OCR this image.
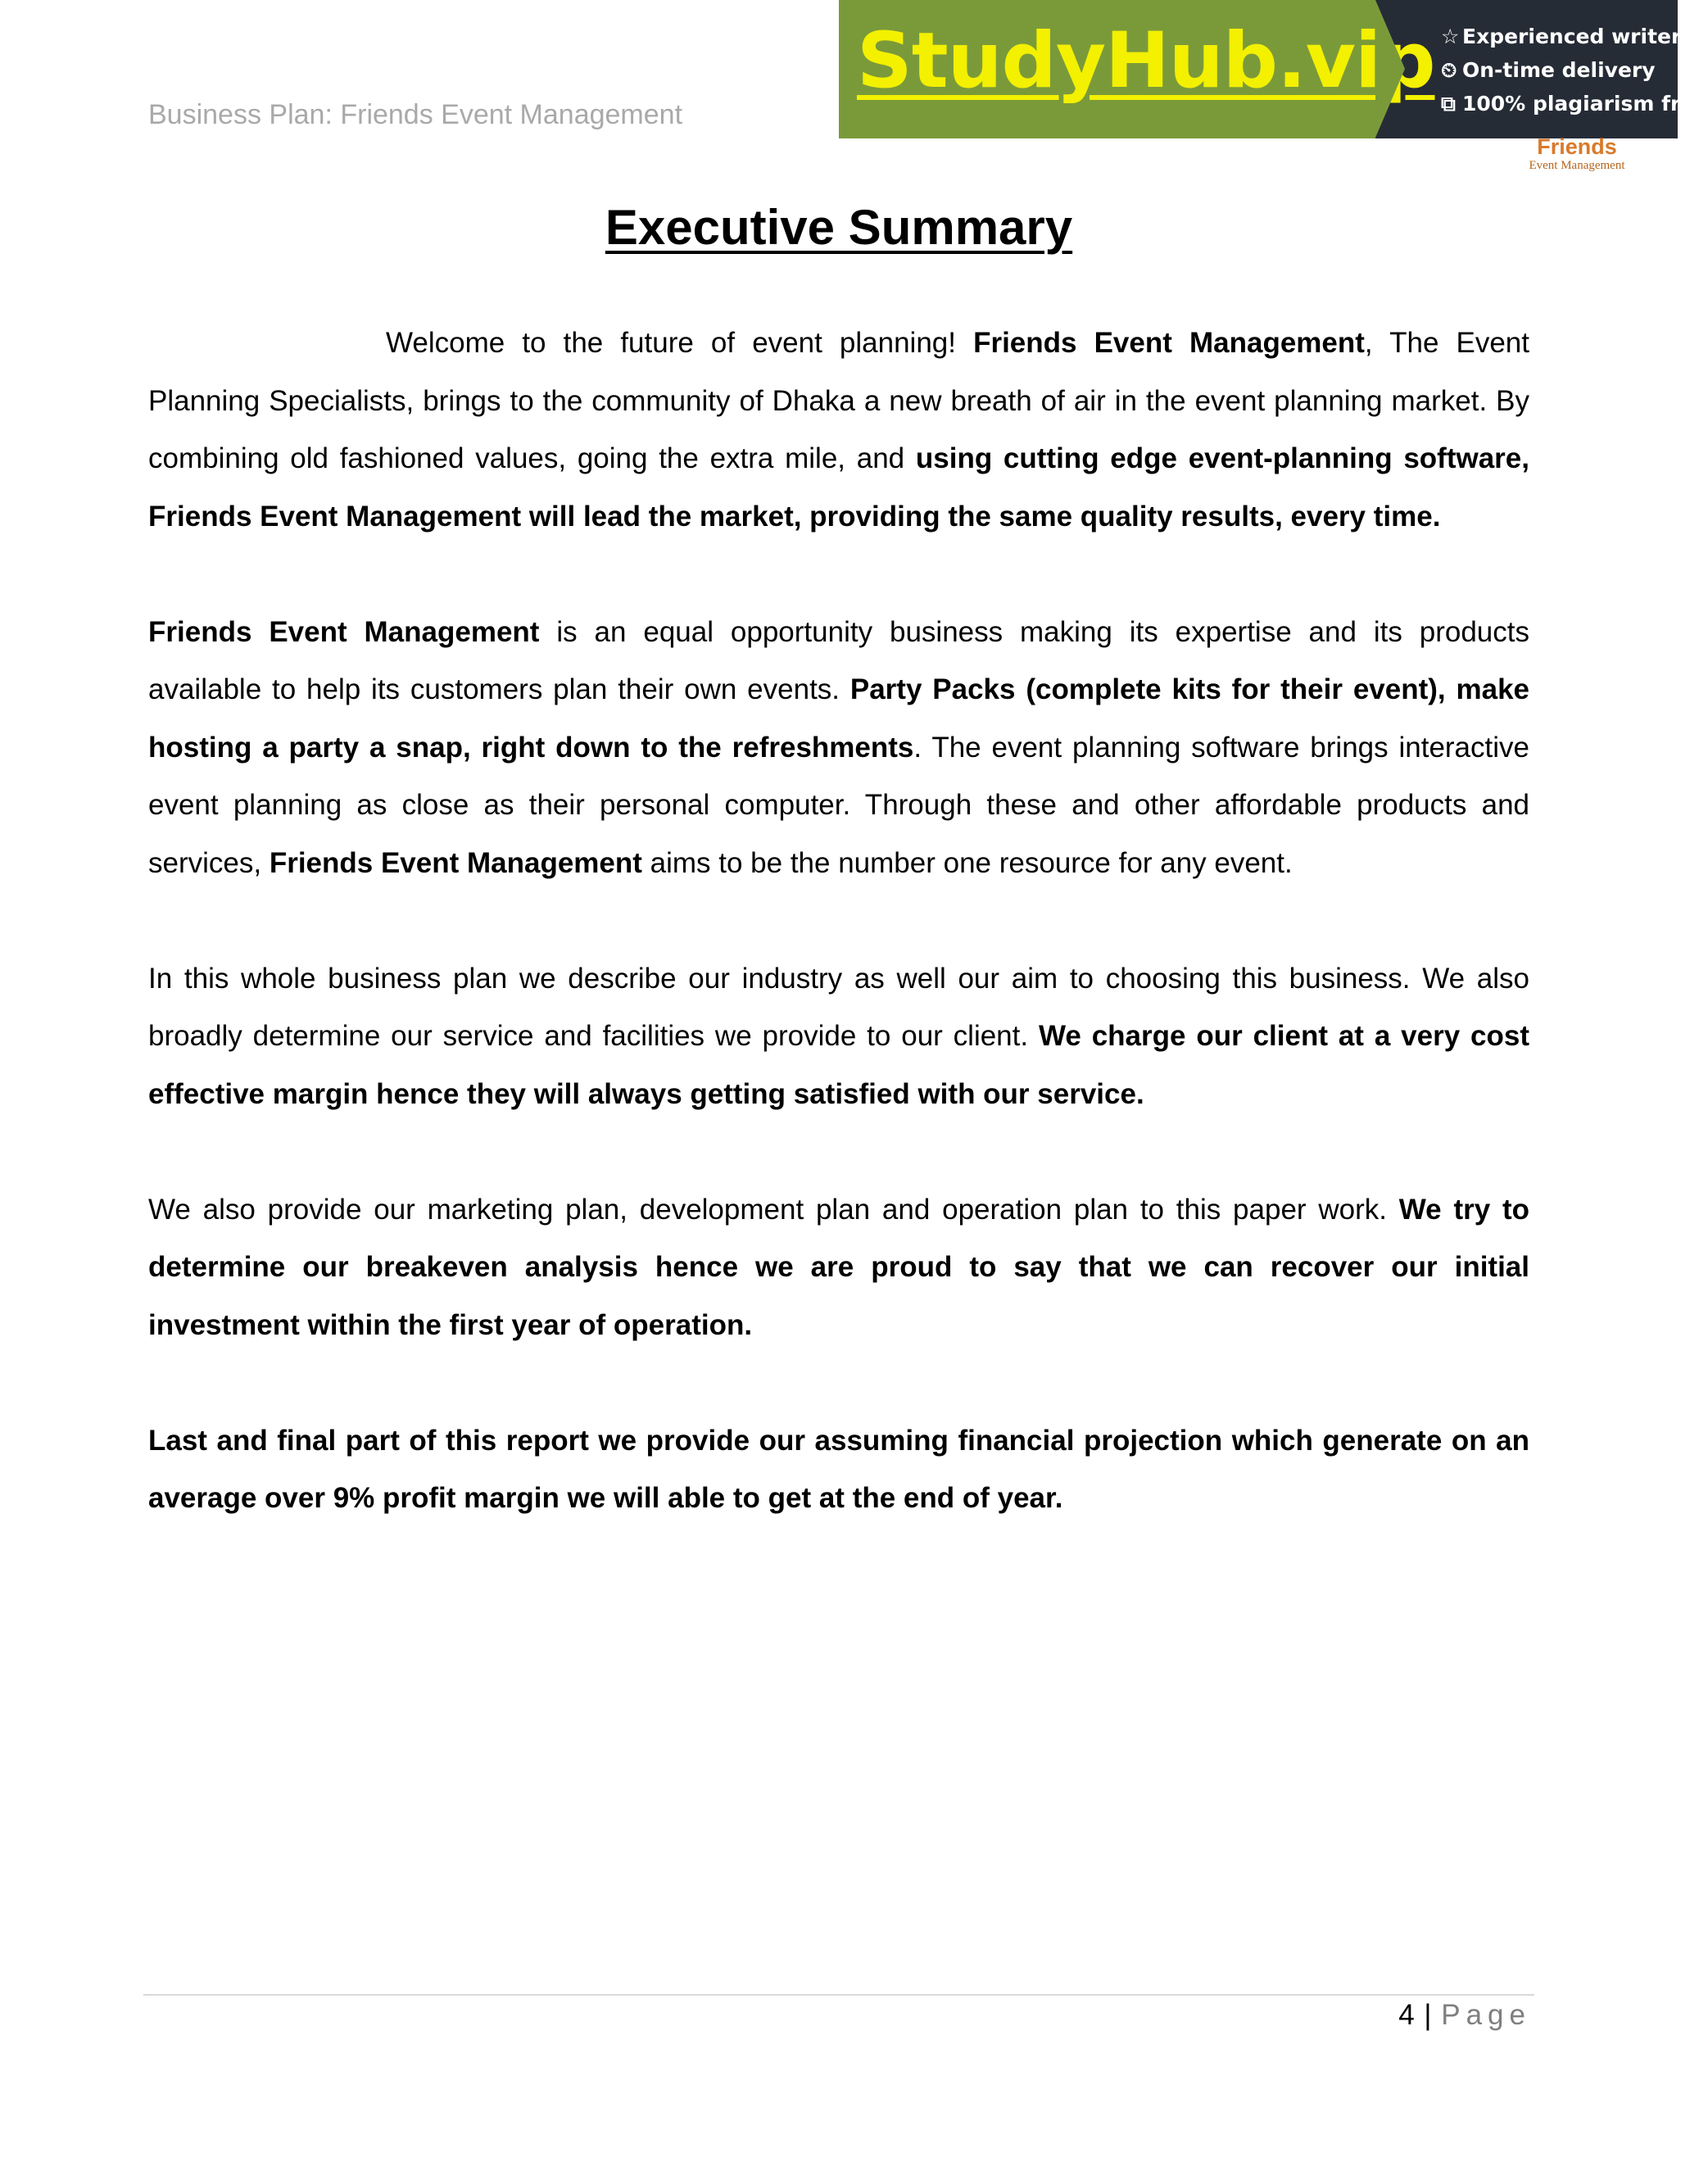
Business Plan: Friends Event Management
StudyHub.vip ☆ Experienced writers
⏲ On-time delivery
⧉ 100% plagiarism free
Friends
Event Management
Executive Summary

Welcome to the future of event planning! Friends Event Management, The Event Planning Specialists, brings to the community of Dhaka a new breath of air in the event planning market. By combining old fashioned values, going the extra mile, and using cutting edge event-planning software, Friends Event Management will lead the market, providing the same quality results, every time.

Friends Event Management is an equal opportunity business making its expertise and its products available to help its customers plan their own events. Party Packs (complete kits for their event), make hosting a party a snap, right down to the refreshments. The event planning software brings interactive event planning as close as their personal computer. Through these and other affordable products and services, Friends Event Management aims to be the number one resource for any event.

In this whole business plan we describe our industry as well our aim to choosing this business. We also broadly determine our service and facilities we provide to our client. We charge our client at a very cost effective margin hence they will always getting satisfied with our service.

We also provide our marketing plan, development plan and operation plan to this paper work. We try to determine our breakeven analysis hence we are proud to say that we can recover our initial investment within the first year of operation.

Last and final part of this report we provide our assuming financial projection which generate on an average over 9% profit margin we will able to get at the end of year.

4 | Page
